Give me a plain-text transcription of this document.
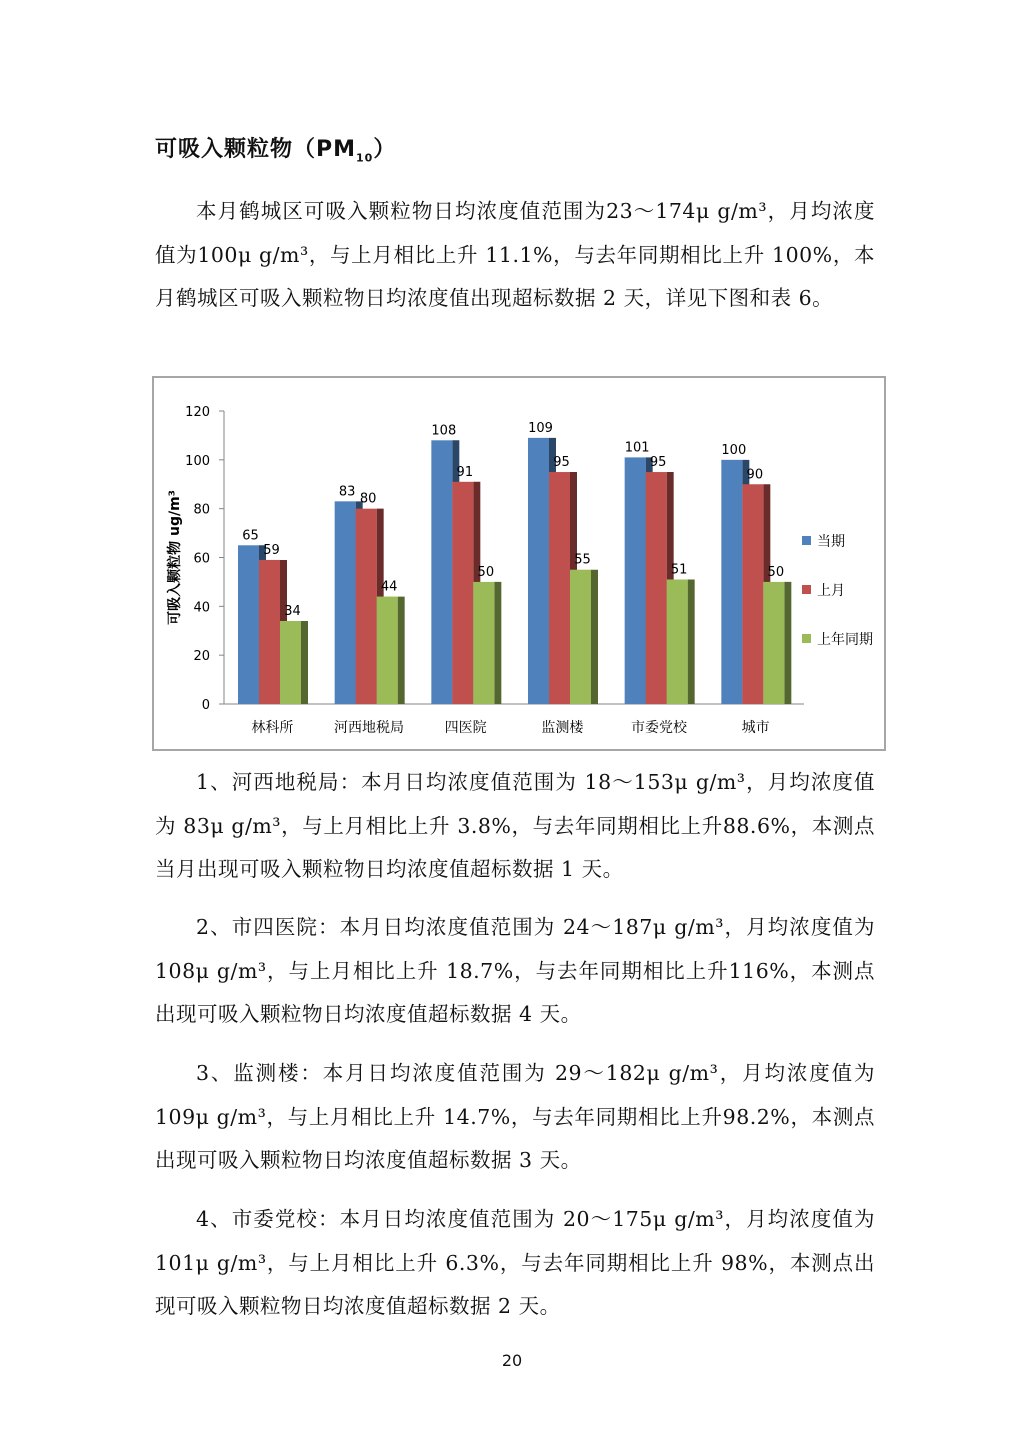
可吸入颗粒物$(PM_{10})$

本月鹤城区可吸入颗粒物日均浓度值范围为23～174μ g/m³，月均浓度值为100μ g/m³，与上月相比上升 11.1%，与去年同期相比上升 100%，本月鹤城区可吸入颗粒物日均浓度值出现超标数据 2 天，详见下图和表 6。

0
20
40
60
80
100
120
可吸入颗粒物 ug/m³	65
59
34
林科所
83 80
44
河西地税局
108
91
50
四医院
109
95
55
监测楼
101
95
51
市委党校
100
90
50
城市
当期
上月
上年同期

1、河西地税局：本月日均浓度值范围为 18～153μ g/m³，月均浓度值为 83μ g/m³，与上月相比上升 3.8%，与去年同期相比上升88.6%，本测点当月出现可吸入颗粒物日均浓度值超标数据 1 天。

2、市四医院：本月日均浓度值范围为 24～187μ g/m³，月均浓度值为 108μ g/m³，与上月相比上升 18.7%，与去年同期相比上升116%，本测点出现可吸入颗粒物日均浓度值超标数据 4 天。

3、监测楼：本月日均浓度值范围为 29～182μ g/m³，月均浓度值为 109μ g/m³，与上月相比上升 14.7%，与去年同期相比上升98.2%，本测点出现可吸入颗粒物日均浓度值超标数据 3 天。

4、市委党校：本月日均浓度值范围为 20～175μ g/m³，月均浓度值为 101μ g/m³，与上月相比上升 6.3%，与去年同期相比上升 98%，本测点出现可吸入颗粒物日均浓度值超标数据 2 天。

20
